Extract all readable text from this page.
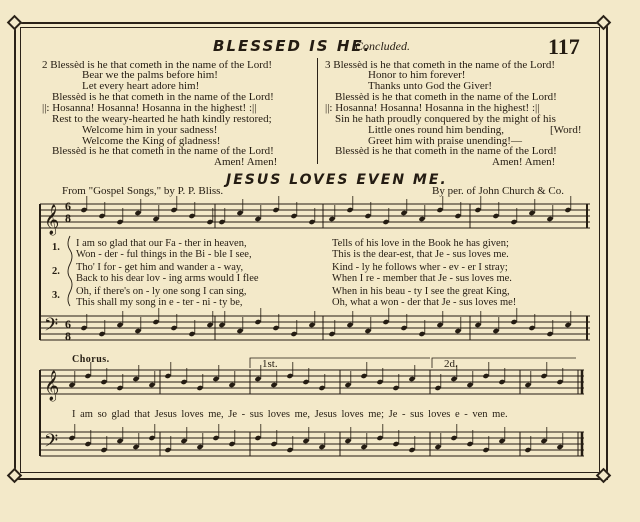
BLESSED IS HE.
Concluded.	117
2 Blessèd is he that cometh in the name of the Lord!
Bear we the palms before him!
Let every heart adore him!
Blessèd is he that cometh in the name of the Lord!
||: Hosanna! Hosanna! Hosanna in the highest! :||
Rest to the weary-hearted he hath kindly restored;
Welcome him in your sadness!
Welcome the King of gladness!
Blessèd is he that cometh in the name of the Lord!
Amen! Amen!
3 Blessèd is he that cometh in the name of the Lord!
Honor to him forever!
Thanks unto God the Giver!
Blessèd is he that cometh in the name of the Lord!
||: Hosanna! Hosanna! Hosanna in the highest! :||
Sin he hath proudly conquered by the might of his
Little ones round him bending,	[Word!
Greet him with praise unending!—
Blessèd is he that cometh in the name of the Lord!
Amen! Amen!
JESUS LOVES EVEN ME.
From "Gospel Songs," by P. P. Bliss.	By per. of John Church & Co.
𝄞
𝄢
𝄞
𝄢
6
8
6
8
1.
2.
3.
I am so glad that our Fa - ther in heaven,
Won - der - ful things in the Bi - ble I see,
Tho' I for - get him and wander a - way,
Back to his dear lov - ing arms would I flee
Oh, if there's on - ly one song I can sing,
This shall my song in e - ter - ni - ty be,
Tells of his love in the Book he has given;
This is the dear-est, that Je - sus loves me.
Kind - ly he follows wher - ev - er I stray;
When I re - member that Je - sus loves me.
When in his beau - ty I see the great King,
Oh, what a won - der that Je - sus loves me!
Chorus.	1st.	2d.
I am so glad that Jesus loves me, Je - sus loves me, Jesus loves me; Je - sus loves e - ven me.
